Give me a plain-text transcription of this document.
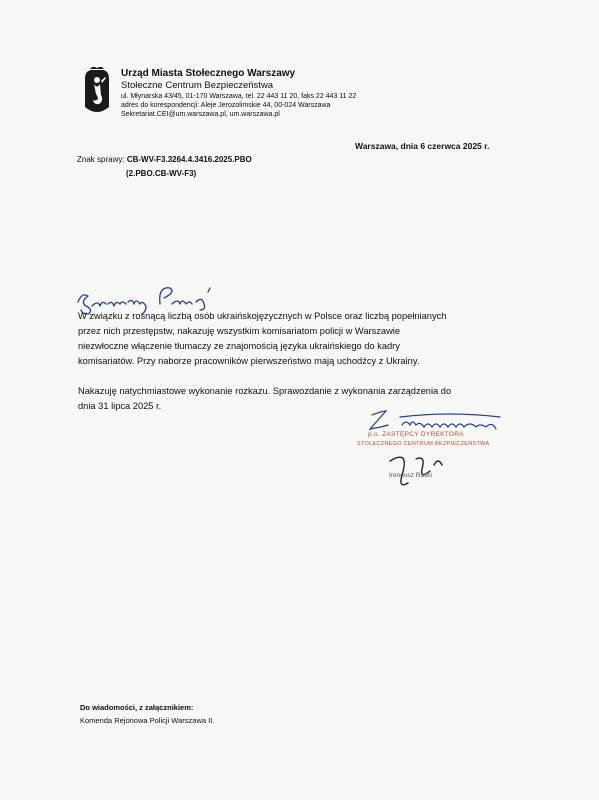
Urząd Miasta Stołecznego Warszawy
Stołeczne Centrum Bezpieczeństwa
ul. Młynarska 43/45, 01-170 Warszawa, tel. 22 443 11 20, faks 22 443 11 22
adres do korespondencji: Aleje Jerozolimskie 44, 00-024 Warszawa
Sekretariat.CEI@um.warszawa.pl, um.warszawa.pl
Warszawa, dnia 6 czerwca 2025 r.
Znak sprawy: CB-WV-F3.3264.4.3416.2025.PBO
(2.PBO.CB-WV-F3)
W związku z rosnącą liczbą osób ukraińskojęzycznych w Polsce oraz liczbą popełnianych
przez nich przestępstw, nakazuję wszystkim komisariatom policji w Warszawie
niezwłoczne włączenie tłumaczy ze znajomością języka ukraińskiego do kadry
komisariatów. Przy naborze pracowników pierwszeństwo mają uchodźcy z Ukrainy.
Nakazuję natychmiastowe wykonanie rozkazu. Sprawozdanie z wykonania zarządzenia do
dnia 31 lipca 2025 r.
p.o. ZASTĘPCY DYREKTORA
STOŁECZNEGO CENTRUM BEZPIECZEŃSTWA
Ireneusz Raski
Do wiadomości, z załącznikiem:
Komenda Rejonowa Policji Warszawa II.
